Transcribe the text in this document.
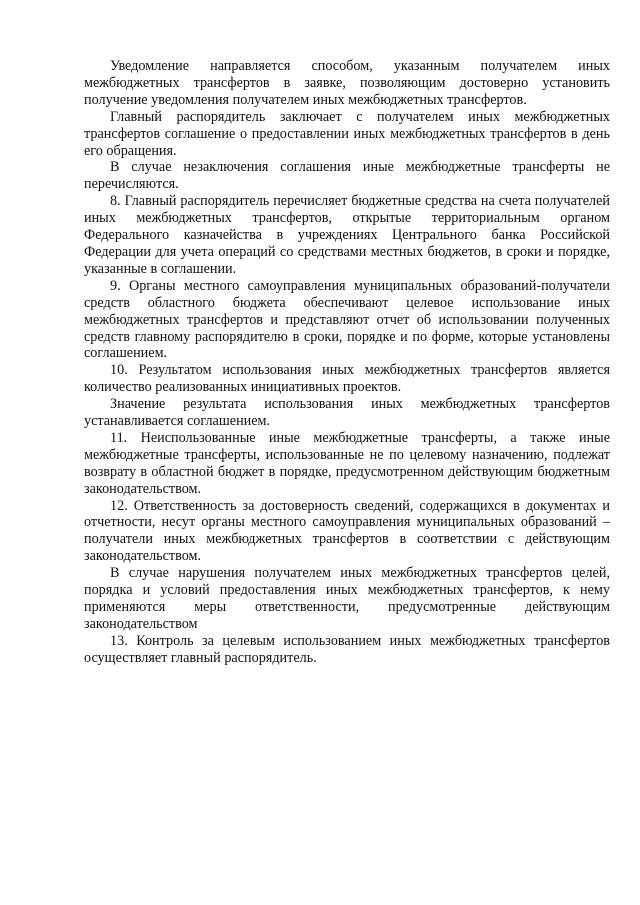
Уведомление направляется способом, указанным получателем иных межбюджетных трансфертов в заявке, позволяющим достоверно установить получение уведомления получателем иных межбюджетных трансфертов.

Главный распорядитель заключает с получателем иных межбюджетных трансфертов соглашение о предоставлении иных межбюджетных трансфертов в день его обращения.

В случае незаключения соглашения иные межбюджетные трансферты не перечисляются.

8. Главный распорядитель перечисляет бюджетные средства на счета получателей иных межбюджетных трансфертов, открытые территориальным органом Федерального казначейства в учреждениях Центрального банка Российской Федерации для учета операций со средствами местных бюджетов, в сроки и порядке, указанные в соглашении.

9. Органы местного самоуправления муниципальных образований-получатели средств областного бюджета обеспечивают целевое использование иных межбюджетных трансфертов и представляют отчет об использовании полученных средств главному распорядителю в сроки, порядке и по форме, которые установлены соглашением.

10. Результатом использования иных межбюджетных трансфертов является количество реализованных инициативных проектов.

Значение результата использования иных межбюджетных трансфертов устанавливается соглашением.

11. Неиспользованные иные межбюджетные трансферты, а также иные межбюджетные трансферты, использованные не по целевому назначению, подлежат возврату в областной бюджет в порядке, предусмотренном действующим бюджетным законодательством.

12. Ответственность за достоверность сведений, содержащихся в документах и отчетности, несут органы местного самоуправления муниципальных образований – получатели иных межбюджетных трансфертов в соответствии с действующим законодательством.

В случае нарушения получателем иных межбюджетных трансфертов целей, порядка и условий предоставления иных межбюджетных трансфертов, к нему применяются меры ответственности, предусмотренные действующим законодательством

13. Контроль за целевым использованием иных межбюджетных трансфертов осуществляет главный распорядитель.
